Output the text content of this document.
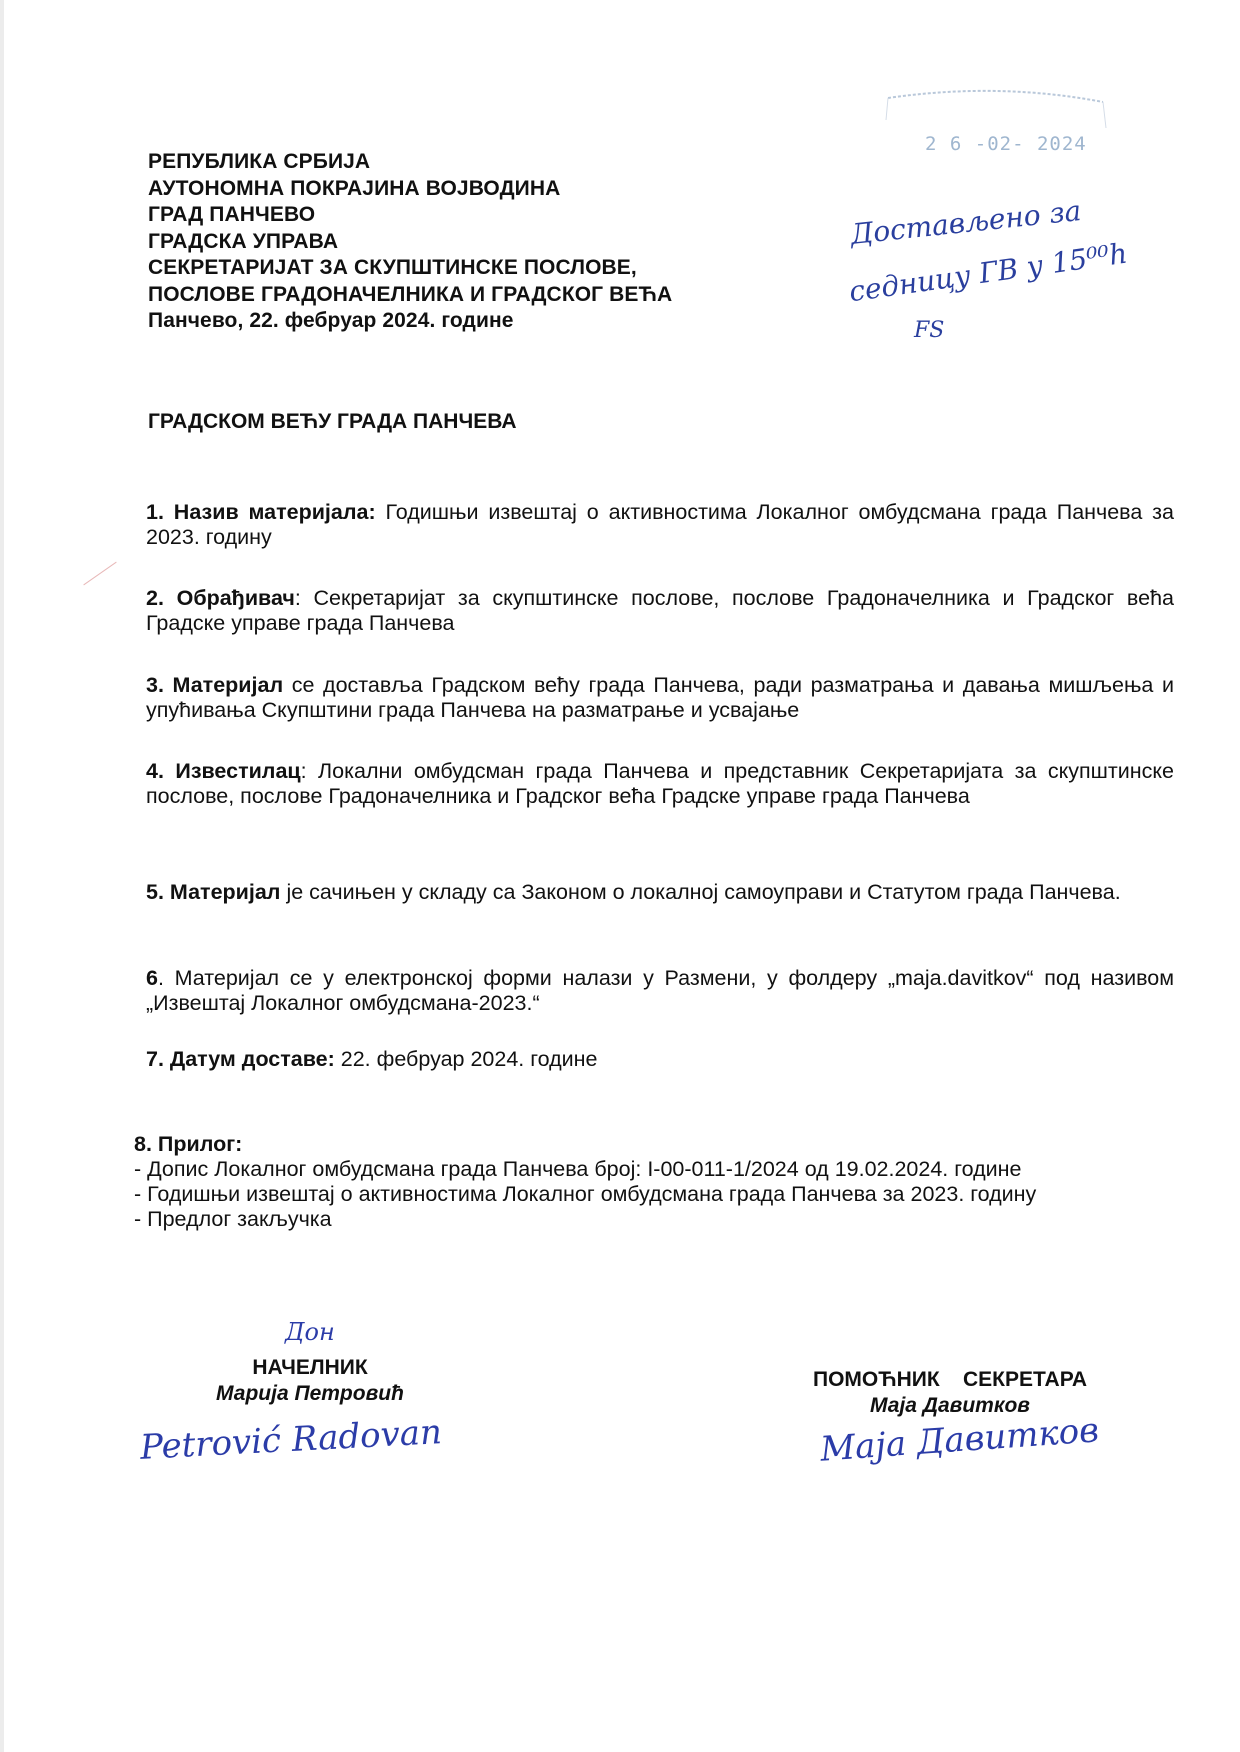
РЕПУБЛИКА СРБИЈА
АУТОНОМНА ПОКРАЈИНА ВОЈВОДИНА
ГРАД ПАНЧЕВО
ГРАДСКА УПРАВА
СЕКРЕТАРИЈАТ ЗА СКУПШТИНСКЕ ПОСЛОВЕ,
ПОСЛОВЕ ГРАДОНАЧЕЛНИКА И ГРАДСКОГ ВЕЋА
Панчево, 22. фебруар 2024. године
2 6 -02- 2024
Достављено за
седницу ГВ у 15⁰⁰h
FS
ГРАДСКОМ ВЕЋУ ГРАДА ПАНЧЕВА
1. Назив материјала: Годишњи извештај о активностима Локалног омбудсмана града Панчева за 2023. годину
2. Обрађивач: Секретаријат за скупштинске послове, послове Градоначелника и Градског већа Градске управе града Панчева
3. Материјал се доставља Градском већу града Панчева, ради разматрања и давања мишљења и упућивања Скупштини града Панчева на разматрање и усвајање
4. Известилац: Локални омбудсман града Панчева и представник Секретаријата за скупштинске послове, послове Градоначелника и Градског већа Градске управе града Панчева
5. Материјал је сачињен у складу са Законом о локалној самоуправи и Статутом града Панчева.
6. Материјал се у електронској форми налази у Размени, у фолдеру „maja.davitkov“ под називом „Извештај Локалног омбудсмана-2023.“
7. Датум доставе: 22. фебруар 2024. године
8. Прилог:
- Допис Локалног омбудсмана града Панчева број: I-00-011-1/2024 од 19.02.2024. године
- Годишњи извештај о активностима Локалног омбудсмана града Панчева за 2023. годину
- Предлог закључка
Дон
НАЧЕЛНИК
Марија Петровић
Petrović Radovan
ПОМОЋНИК    СЕКРЕТАРА
Маја Давитков
Маја Давитков
